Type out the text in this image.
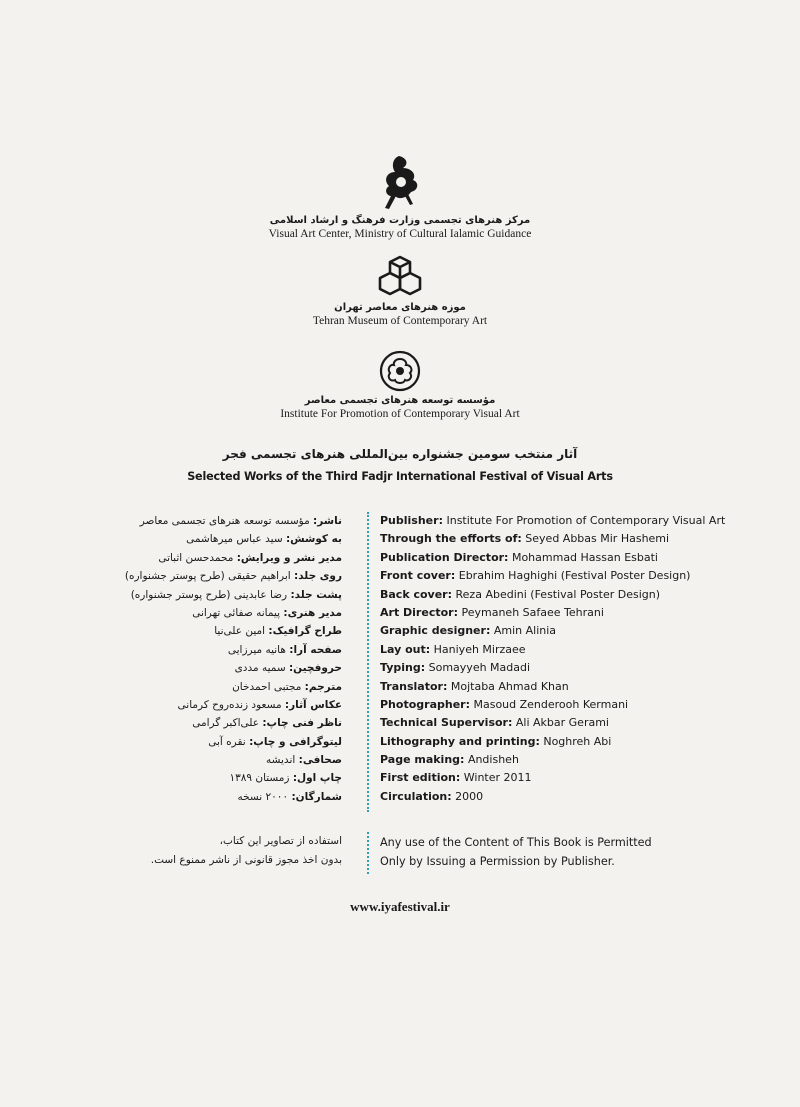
مرکز هنرهای تجسمی وزارت فرهنگ و ارشاد اسلامی
Visual Art Center, Ministry of Cultural Ialamic Guidance
موزه هنرهای معاصر تهران
Tehran Museum of Contemporary Art
مؤسسه توسعه هنرهای تجسمی معاصر
Institute For Promotion of Contemporary Visual Art
آثار منتخب سومین جشنواره بین‌المللی هنرهای تجسمی فجر
Selected Works of the Third Fadjr International Festival of Visual Arts
Publisher: Institute For Promotion of Contemporary Visual Art
Through the efforts of: Seyed Abbas Mir Hashemi
Publication Director: Mohammad Hassan Esbati
Front cover: Ebrahim Haghighi (Festival Poster Design)
Back cover: Reza Abedini (Festival Poster Design)
Art Director: Peymaneh Safaee Tehrani
Graphic designer: Amin Alinia
Lay out: Haniyeh Mirzaee
Typing: Somayyeh Madadi
Translator: Mojtaba Ahmad Khan
Photographer: Masoud Zenderooh Kermani
Technical Supervisor: Ali Akbar Gerami
Lithography and printing: Noghreh Abi
Page making: Andisheh
First edition: Winter 2011
Circulation: 2000
ناشر: مؤسسه توسعه هنرهای تجسمی معاصر
به کوشش: سید عباس میرهاشمی
مدیر نشر و ویرایش: محمدحسن اثباتی
روی جلد: ابراهیم حقیقی (طرح پوستر جشنواره)
پشت جلد: رضا عابدینی (طرح پوستر جشنواره)
مدیر هنری: پیمانه صفائی تهرانی
طراح گرافیک: امین علی‌نیا
صفحه آرا: هانیه میرزایی
حروفچین: سمیه مددی
مترجم: مجتبی احمدخان
عکاس آثار: مسعود زنده‌روح کرمانی
ناظر فنی چاپ: علی‌اکبر گرامی
لیتوگرافی و چاپ: نقره آبی
صحافی: اندیشه
چاپ اول: زمستان ۱۳۸۹
شمارگان: ۲۰۰۰ نسخه
Any use of the Content of This Book is Permitted
Only by Issuing a Permission by Publisher.
استفاده از تصاویر این کتاب،
بدون اخذ مجوز قانونی از ناشر ممنوع است.
www.iyafestival.ir
